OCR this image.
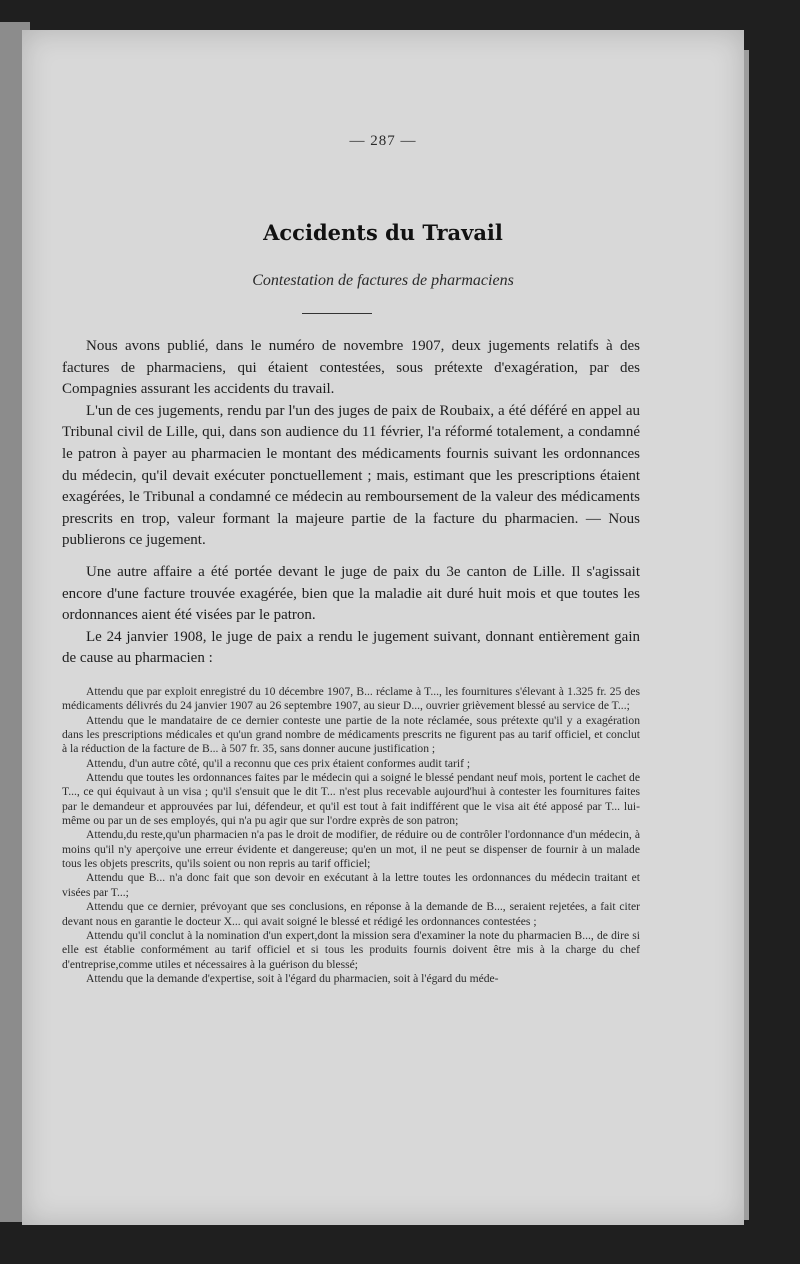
— 287 —
Accidents du Travail
Contestation de factures de pharmaciens

Nous avons publié, dans le numéro de novembre 1907, deux jugements relatifs à des factures de pharmaciens, qui étaient contestées, sous prétexte d'exagération, par des Compagnies assurant les accidents du travail.

L'un de ces jugements, rendu par l'un des juges de paix de Roubaix, a été déféré en appel au Tribunal civil de Lille, qui, dans son audience du 11 février, l'a réformé totalement, a condamné le patron à payer au pharmacien le montant des médicaments fournis suivant les ordonnances du médecin, qu'il devait exécuter ponctuellement ; mais, estimant que les prescriptions étaient exagérées, le Tribunal a condamné ce médecin au remboursement de la valeur des médicaments prescrits en trop, valeur formant la majeure partie de la facture du pharmacien. — Nous publierons ce jugement.

Une autre affaire a été portée devant le juge de paix du 3e canton de Lille. Il s'agissait encore d'une facture trouvée exagérée, bien que la maladie ait duré huit mois et que toutes les ordonnances aient été visées par le patron.

Le 24 janvier 1908, le juge de paix a rendu le jugement suivant, donnant entièrement gain de cause au pharmacien :

Attendu que par exploit enregistré du 10 décembre 1907, B... réclame à T..., les fournitures s'élevant à 1.325 fr. 25 des médicaments délivrés du 24 janvier 1907 au 26 septembre 1907, au sieur D..., ouvrier grièvement blessé au service de T...;

Attendu que le mandataire de ce dernier conteste une partie de la note réclamée, sous prétexte qu'il y a exagération dans les prescriptions médicales et qu'un grand nombre de médicaments prescrits ne figurent pas au tarif officiel, et conclut à la réduction de la facture de B... à 507 fr. 35, sans donner aucune justification ;

Attendu, d'un autre côté, qu'il a reconnu que ces prix étaient conformes audit tarif ;

Attendu que toutes les ordonnances faites par le médecin qui a soigné le blessé pendant neuf mois, portent le cachet de T..., ce qui équivaut à un visa ; qu'il s'ensuit que le dit T... n'est plus recevable aujourd'hui à contester les fournitures faites par le demandeur et approuvées par lui, défendeur, et qu'il est tout à fait indifférent que le visa ait été apposé par T... lui-même ou par un de ses employés, qui n'a pu agir que sur l'ordre exprès de son patron;

Attendu,du reste,qu'un pharmacien n'a pas le droit de modifier, de réduire ou de contrôler l'ordonnance d'un médecin, à moins qu'il n'y aperçoive une erreur évidente et dangereuse; qu'en un mot, il ne peut se dispenser de fournir à un malade tous les objets prescrits, qu'ils soient ou non repris au tarif officiel;

Attendu que B... n'a donc fait que son devoir en exécutant à la lettre toutes les ordonnances du médecin traitant et visées par T...;

Attendu que ce dernier, prévoyant que ses conclusions, en réponse à la demande de B..., seraient rejetées, a fait citer devant nous en garantie le docteur X... qui avait soigné le blessé et rédigé les ordonnances contestées ;

Attendu qu'il conclut à la nomination d'un expert,dont la mission sera d'examiner la note du pharmacien B..., de dire si elle est établie conformément au tarif officiel et si tous les produits fournis doivent être mis à la charge du chef d'entreprise,comme utiles et nécessaires à la guérison du blessé;

Attendu que la demande d'expertise, soit à l'égard du pharmacien, soit à l'égard du méde-
